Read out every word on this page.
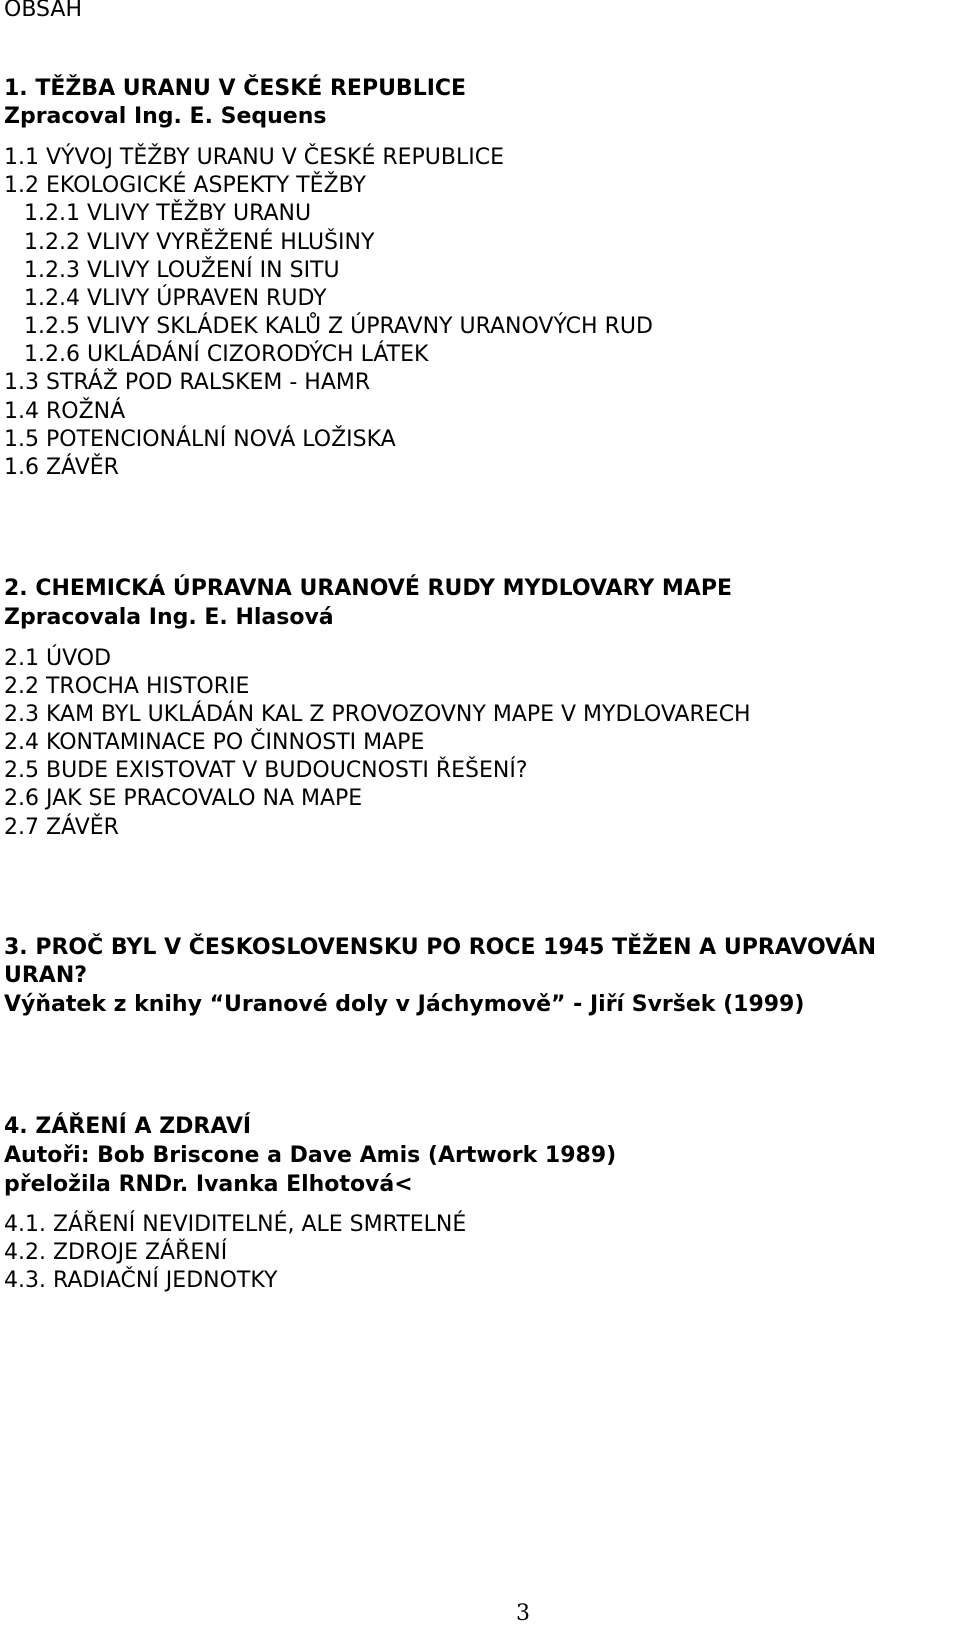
OBSAH

1. TĚŽBA URANU V ČESKÉ REPUBLICE

Zpracoval Ing. E. Sequens

1.1 VÝVOJ TĚŽBY URANU V ČESKÉ REPUBLICE

1.2 EKOLOGICKÉ ASPEKTY TĚŽBY

1.2.1 VLIVY TĚŽBY URANU

1.2.2 VLIVY VYRĚŽENÉ HLUŠINY

1.2.3 VLIVY LOUŽENÍ IN SITU

1.2.4 VLIVY ÚPRAVEN RUDY

1.2.5 VLIVY SKLÁDEK KALŮ Z ÚPRAVNY URANOVÝCH RUD

1.2.6 UKLÁDÁNÍ CIZORODÝCH LÁTEK

1.3 STRÁŽ POD RALSKEM - HAMR

1.4 ROŽNÁ

1.5 POTENCIONÁLNÍ NOVÁ LOŽISKA

1.6 ZÁVĚR

2. CHEMICKÁ ÚPRAVNA URANOVÉ RUDY MYDLOVARY MAPE

Zpracovala Ing. E. Hlasová

2.1 ÚVOD

2.2 TROCHA HISTORIE

2.3 KAM BYL UKLÁDÁN KAL Z PROVOZOVNY MAPE V MYDLOVARECH

2.4 KONTAMINACE PO ČINNOSTI MAPE

2.5 BUDE EXISTOVAT V BUDOUCNOSTI ŘEŠENÍ?

2.6 JAK SE PRACOVALO NA MAPE

2.7 ZÁVĚR

3. PROČ BYL V ČESKOSLOVENSKU PO ROCE 1945 TĚŽEN A UPRAVOVÁN

URAN?

Výňatek z knihy “Uranové doly v Jáchymově” - Jiří Svršek (1999)

4. ZÁŘENÍ A ZDRAVÍ

Autoři: Bob Briscone a Dave Amis (Artwork 1989)

přeložila RNDr. Ivanka Elhotová<

4.1. ZÁŘENÍ NEVIDITELNÉ, ALE SMRTELNÉ

4.2. ZDROJE ZÁŘENÍ

4.3. RADIAČNÍ JEDNOTKY

3
